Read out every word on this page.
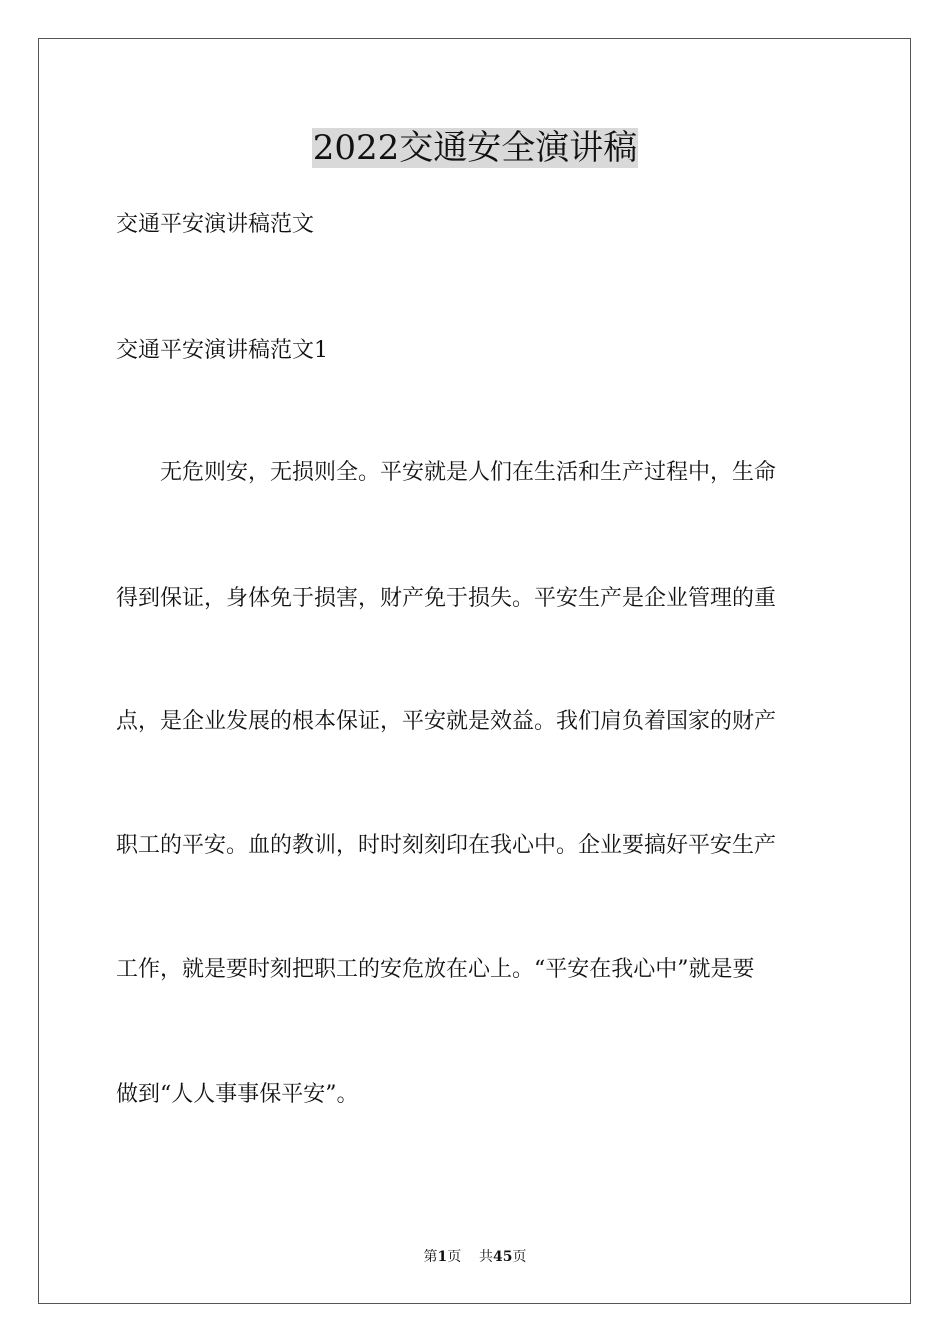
2022交通安全演讲稿
交通平安演讲稿范文
交通平安演讲稿范文1
　　无危则安，无损则全。平安就是人们在生活和生产过程中，生命
得到保证，身体免于损害，财产免于损失。平安生产是企业管理的重
点，是企业发展的根本保证，平安就是效益。我们肩负着国家的财产
职工的平安。血的教训，时时刻刻印在我心中。企业要搞好平安生产
工作，就是要时刻把职工的安危放在心上。“平安在我心中”就是要
做到“人人事事保平安”。
第1页 共45页
